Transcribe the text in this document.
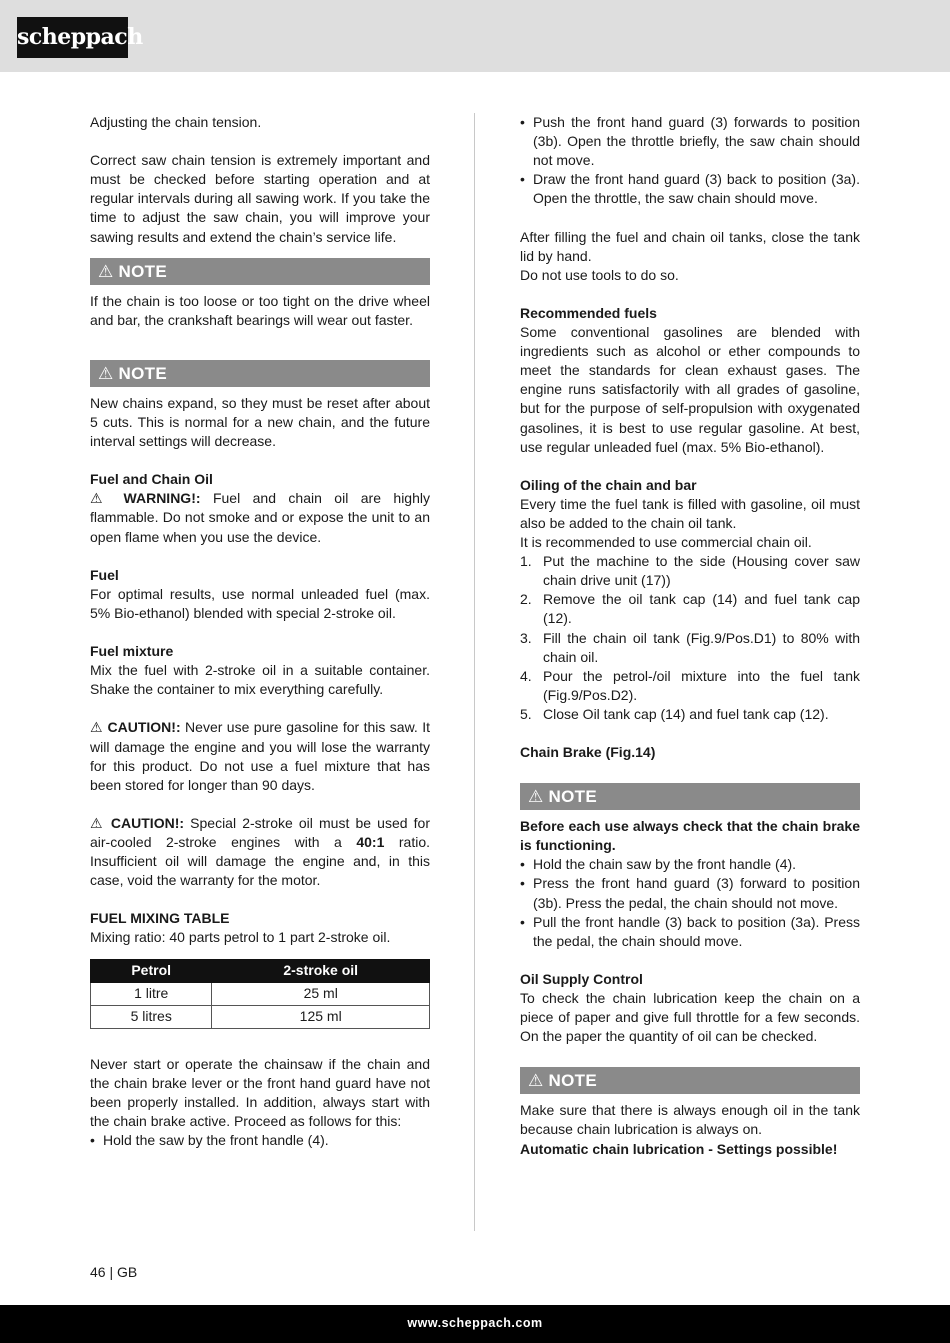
scheppach

Adjusting the chain tension.

Correct saw chain tension is extremely important and must be checked before starting operation and at regular intervals during all sawing work. If you take the time to adjust the saw chain, you will improve your sawing results and extend the chain’s service life.

⚠ NOTE

If the chain is too loose or too tight on the drive wheel and bar, the crankshaft bearings will wear out faster.

⚠ NOTE

New chains expand, so they must be reset after about 5 cuts. This is normal for a new chain, and the future interval settings will decrease.

Fuel and Chain Oil
⚠ WARNING!: Fuel and chain oil are highly flammable. Do not smoke and or expose the unit to an open flame when you use the device.

Fuel
For optimal results, use normal unleaded fuel (max. 5% Bio-ethanol) blended with special 2-stroke oil.

Fuel mixture
Mix the fuel with 2-stroke oil in a suitable container. Shake the container to mix everything carefully.

⚠ CAUTION!: Never use pure gasoline for this saw. It will damage the engine and you will lose the warranty for this product. Do not use a fuel mixture that has been stored for longer than 90 days.

⚠ CAUTION!: Special 2-stroke oil must be used for air-cooled 2-stroke engines with a 40:1 ratio. Insufficient oil will damage the engine and, in this case, void the warranty for the motor.

FUEL MIXING TABLE
Mixing ratio: 40 parts petrol to 1 part 2-stroke oil.

Petrol	2-stroke oil
1 litre	25 ml
5 litres	125 ml

Never start or operate the chainsaw if the chain and the chain brake lever or the front hand guard have not been properly installed. In addition, always start with the chain brake active. Proceed as follows for this:

• Hold the saw by the front handle (4).
• Push the front hand guard (3) forwards to position (3b). Open the throttle briefly, the saw chain should not move.
• Draw the front hand guard (3) back to position (3a). Open the throttle, the saw chain should move.

After filling the fuel and chain oil tanks, close the tank lid by hand.
Do not use tools to do so.

Recommended fuels
Some conventional gasolines are blended with ingredients such as alcohol or ether compounds to meet the standards for clean exhaust gases. The engine runs satisfactorily with all grades of gasoline, but for the purpose of self-propulsion with oxygenated gasolines, it is best to use regular gasoline. At best, use regular unleaded fuel (max. 5% Bio-ethanol).

Oiling of the chain and bar
Every time the fuel tank is filled with gasoline, oil must also be added to the chain oil tank.
It is recommended to use commercial chain oil.

1. Put the machine to the side (Housing cover saw chain drive unit (17))
2. Remove the oil tank cap (14) and fuel tank cap (12).
3. Fill the chain oil tank (Fig.9/Pos.D1) to 80% with chain oil.
4. Pour the petrol-/oil mixture into the fuel tank (Fig.9/Pos.D2).
5. Close Oil tank cap (14) and fuel tank cap (12).

Chain Brake (Fig.14)

⚠ NOTE

Before each use always check that the chain brake is functioning.

• Hold the chain saw by the front handle (4).
• Press the front hand guard (3) forward to position (3b). Press the pedal, the chain should not move.
• Pull the front handle (3) back to position (3a). Press the pedal, the chain should move.

Oil Supply Control
To check the chain lubrication keep the chain on a piece of paper and give full throttle for a few seconds. On the paper the quantity of oil can be checked.

⚠ NOTE

Make sure that there is always enough oil in the tank because chain lubrication is always on.
Automatic chain lubrication - Settings possible!

46 | GB
www.scheppach.com
